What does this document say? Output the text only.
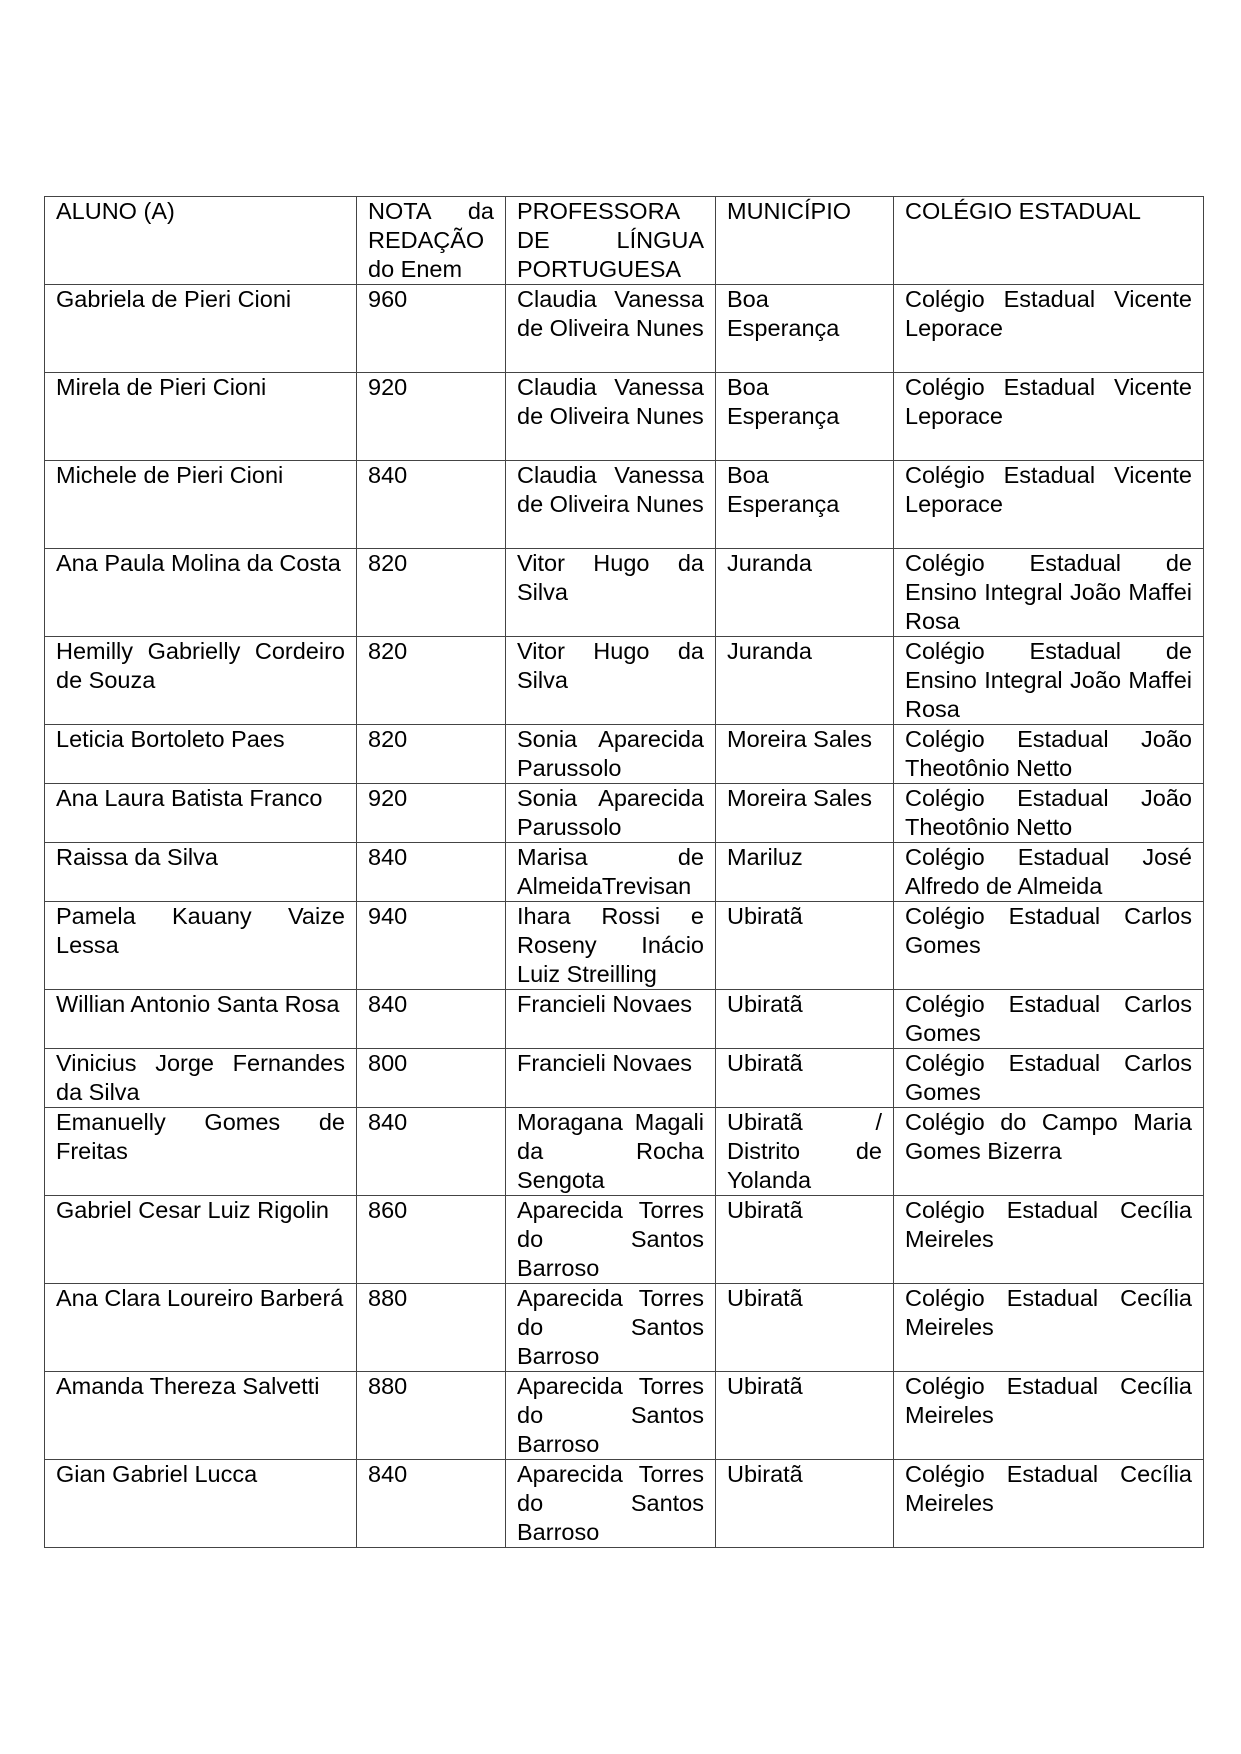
ALUNO (A)	NOTA da REDAÇÃO do Enem	PROFESSORA DE LÍNGUA PORTUGUESA	MUNICÍPIO	COLÉGIO ESTADUAL
Gabriela de Pieri Cioni	960	Claudia Vanessa de Oliveira Nunes	Boa Esperança	Colégio Estadual Vicente Leporace
Mirela de Pieri Cioni	920	Claudia Vanessa de Oliveira Nunes	Boa Esperança	Colégio Estadual Vicente Leporace
Michele de Pieri Cioni	840	Claudia Vanessa de Oliveira Nunes	Boa Esperança	Colégio Estadual Vicente Leporace
Ana Paula Molina da Costa	820	Vitor Hugo da Silva	Juranda	Colégio Estadual de Ensino Integral João Maffei Rosa
Hemilly Gabrielly Cordeiro de Souza	820	Vitor Hugo da Silva	Juranda	Colégio Estadual de Ensino Integral João Maffei Rosa
Leticia Bortoleto Paes	820	Sonia Aparecida Parussolo	Moreira Sales	Colégio Estadual João Theotônio Netto
Ana Laura Batista Franco	920	Sonia Aparecida Parussolo	Moreira Sales	Colégio Estadual João Theotônio Netto
Raissa da Silva	840	Marisa de AlmeidaTrevisan	Mariluz	Colégio Estadual José Alfredo de Almeida
Pamela Kauany Vaize Lessa	940	Ihara Rossi e Roseny Inácio Luiz Streilling	Ubiratã	Colégio Estadual Carlos Gomes
Willian Antonio Santa Rosa	840	Francieli Novaes	Ubiratã	Colégio Estadual Carlos Gomes
Vinicius Jorge Fernandes da Silva	800	Francieli Novaes	Ubiratã	Colégio Estadual Carlos Gomes
Emanuelly Gomes de Freitas	840	Moragana Magali da Rocha Sengota	Ubiratã / Distrito de Yolanda	Colégio do Campo Maria Gomes Bizerra
Gabriel Cesar Luiz Rigolin	860	Aparecida Torres do Santos Barroso	Ubiratã	Colégio Estadual Cecília Meireles
Ana Clara Loureiro Barberá	880	Aparecida Torres do Santos Barroso	Ubiratã	Colégio Estadual Cecília Meireles
Amanda Thereza Salvetti	880	Aparecida Torres do Santos Barroso	Ubiratã	Colégio Estadual Cecília Meireles
Gian Gabriel Lucca	840	Aparecida Torres do Santos Barroso	Ubiratã	Colégio Estadual Cecília Meireles
